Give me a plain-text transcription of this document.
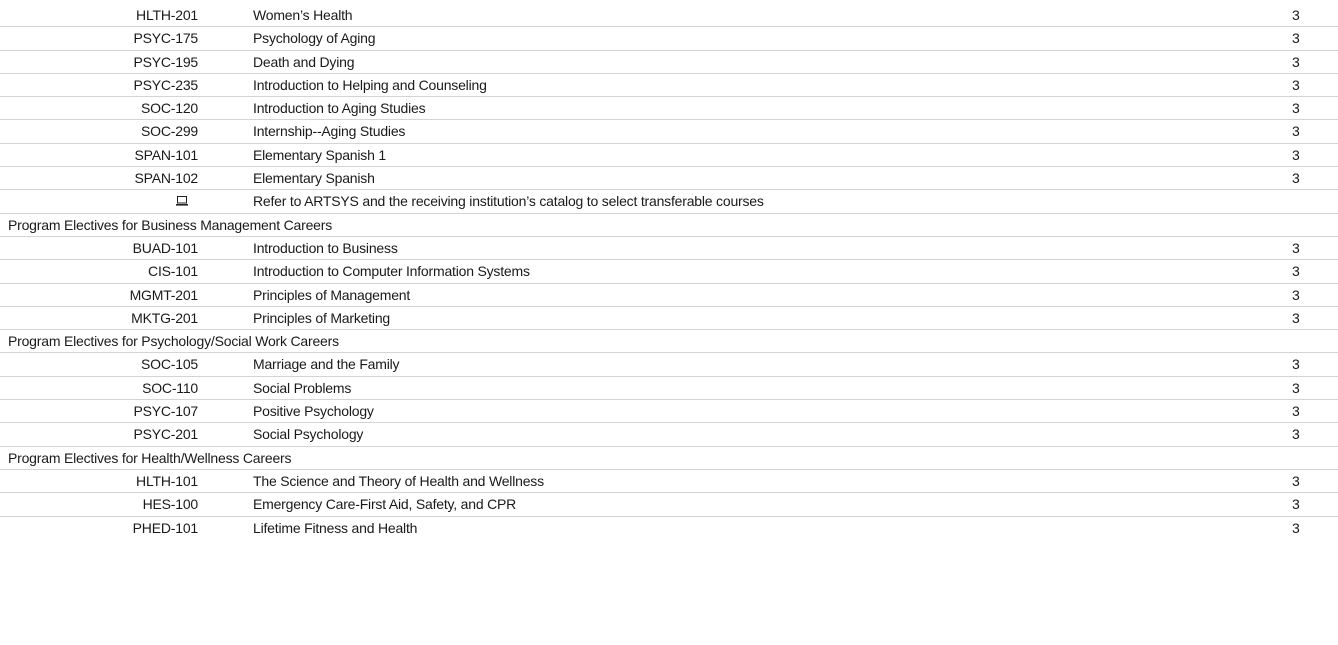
HLTH-201	Women’s Health	3
PSYC-175	Psychology of Aging	3
PSYC-195	Death and Dying	3
PSYC-235	Introduction to Helping and Counseling	3
SOC-120	Introduction to Aging Studies	3
SOC-299	Internship--Aging Studies	3
SPAN-101	Elementary Spanish 1	3
SPAN-102	Elementary Spanish	3
Refer to ARTSYS and the receiving institution’s catalog to select transferable courses
Program Electives for Business Management Careers
BUAD-101	Introduction to Business	3
CIS-101	Introduction to Computer Information Systems	3
MGMT-201	Principles of Management	3
MKTG-201	Principles of Marketing	3
Program Electives for Psychology/Social Work Careers
SOC-105	Marriage and the Family	3
SOC-110	Social Problems	3
PSYC-107	Positive Psychology	3
PSYC-201	Social Psychology	3
Program Electives for Health/Wellness Careers
HLTH-101	The Science and Theory of Health and Wellness	3
HES-100	Emergency Care-First Aid, Safety, and CPR	3
PHED-101	Lifetime Fitness and Health	3
